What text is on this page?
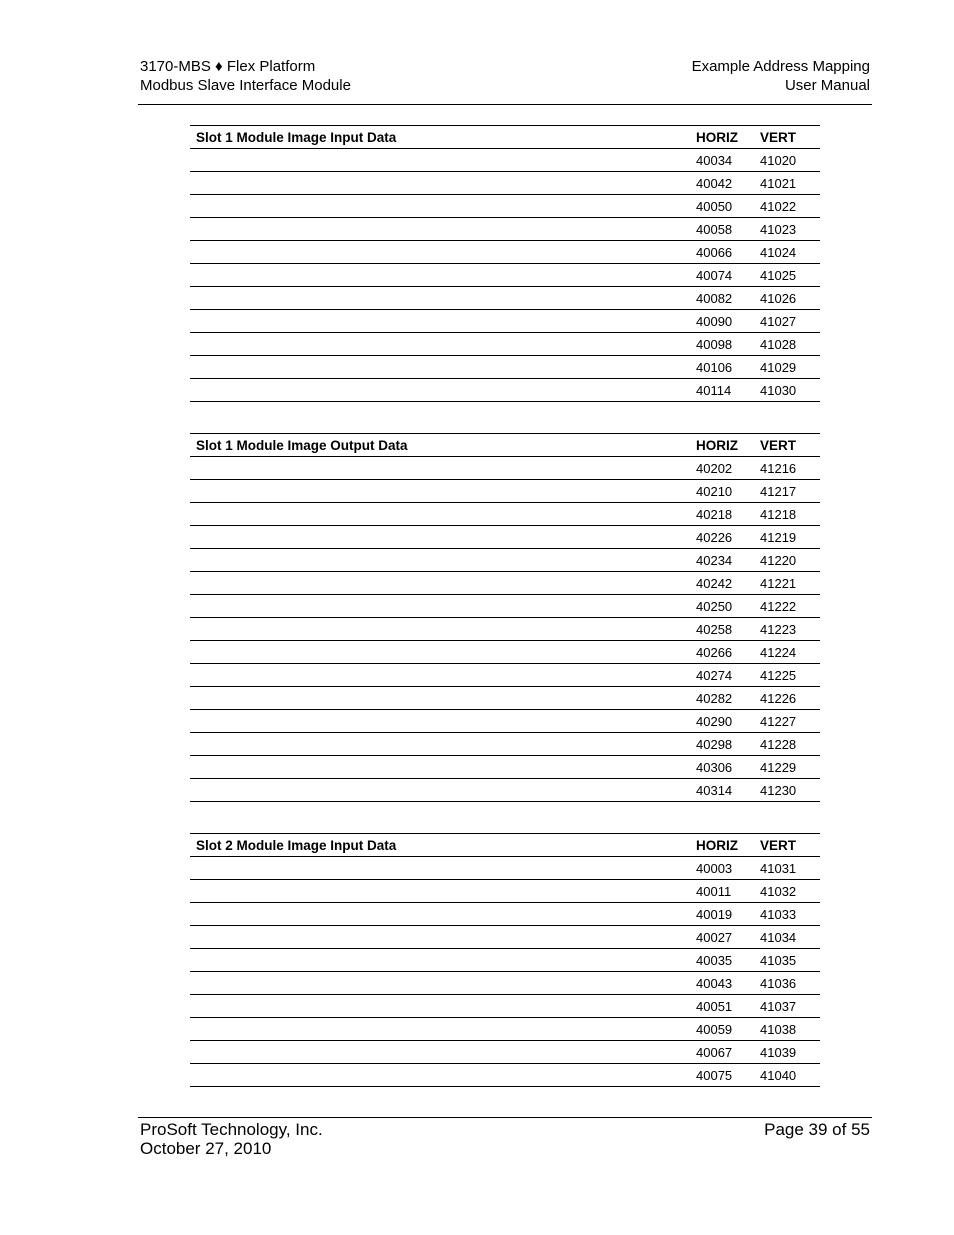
3170-MBS ♦ Flex Platform
Modbus Slave Interface Module
Example Address Mapping
User Manual
Slot 1 Module Image Input Data	HORIZ	VERT
40034	41020
40042	41021
40050	41022
40058	41023
40066	41024
40074	41025
40082	41026
40090	41027
40098	41028
40106	41029
40114	41030
Slot 1 Module Image Output Data	HORIZ	VERT
40202	41216
40210	41217
40218	41218
40226	41219
40234	41220
40242	41221
40250	41222
40258	41223
40266	41224
40274	41225
40282	41226
40290	41227
40298	41228
40306	41229
40314	41230
Slot 2 Module Image Input Data	HORIZ	VERT
40003	41031
40011	41032
40019	41033
40027	41034
40035	41035
40043	41036
40051	41037
40059	41038
40067	41039
40075	41040
ProSoft Technology, Inc.
October 27, 2010
Page 39 of 55
